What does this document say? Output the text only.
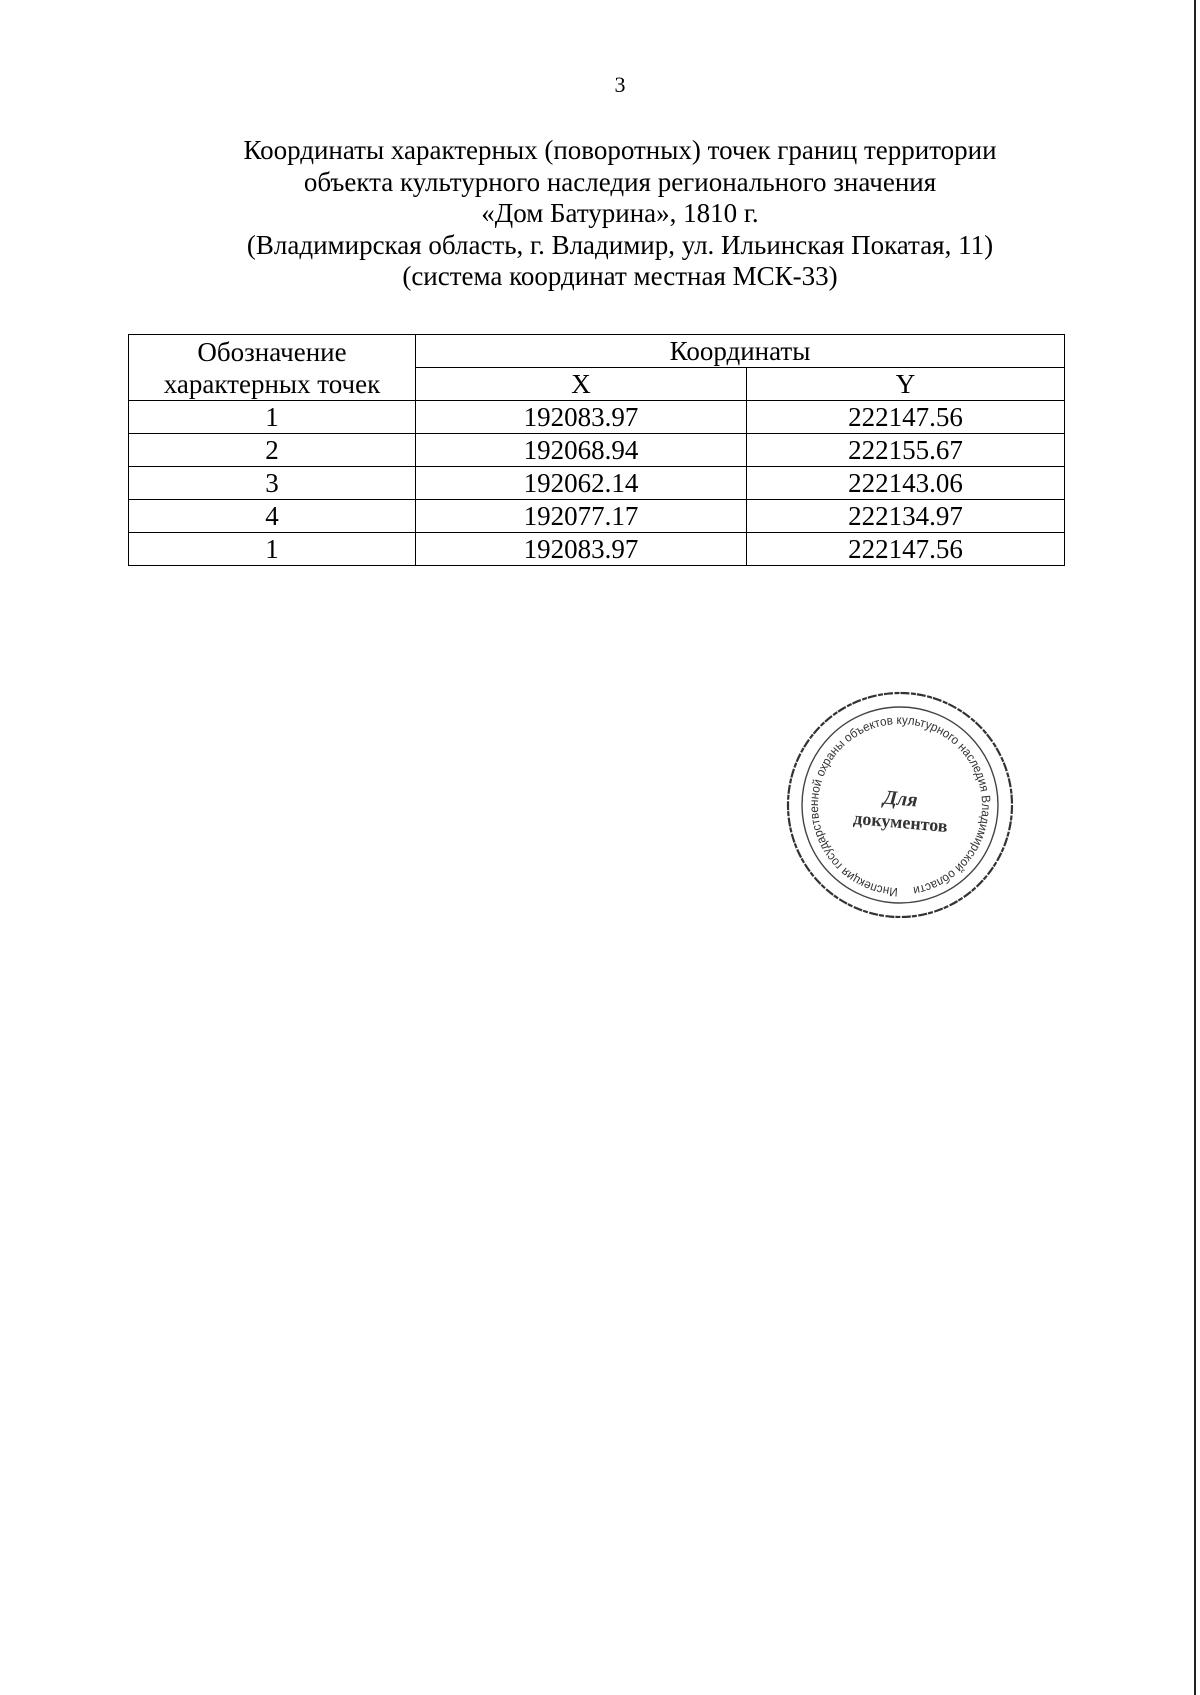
3
Координаты характерных (поворотных) точек границ территории
объекта культурного наследия регионального значения
«Дом Батурина», 1810 г.
(Владимирская область, г. Владимир, ул. Ильинская Покатая, 11)
(система координат местная МСК-33)
Обозначение характерных точек	Координаты	
	X	Y
1	192083.97	222147.56
2	192068.94	222155.67
3	192062.14	222143.06
4	192077.17	222134.97
1	192083.97	222147.56
Инспекция государственной охраны объектов культурного наследия Владимирской области
Для
документов
